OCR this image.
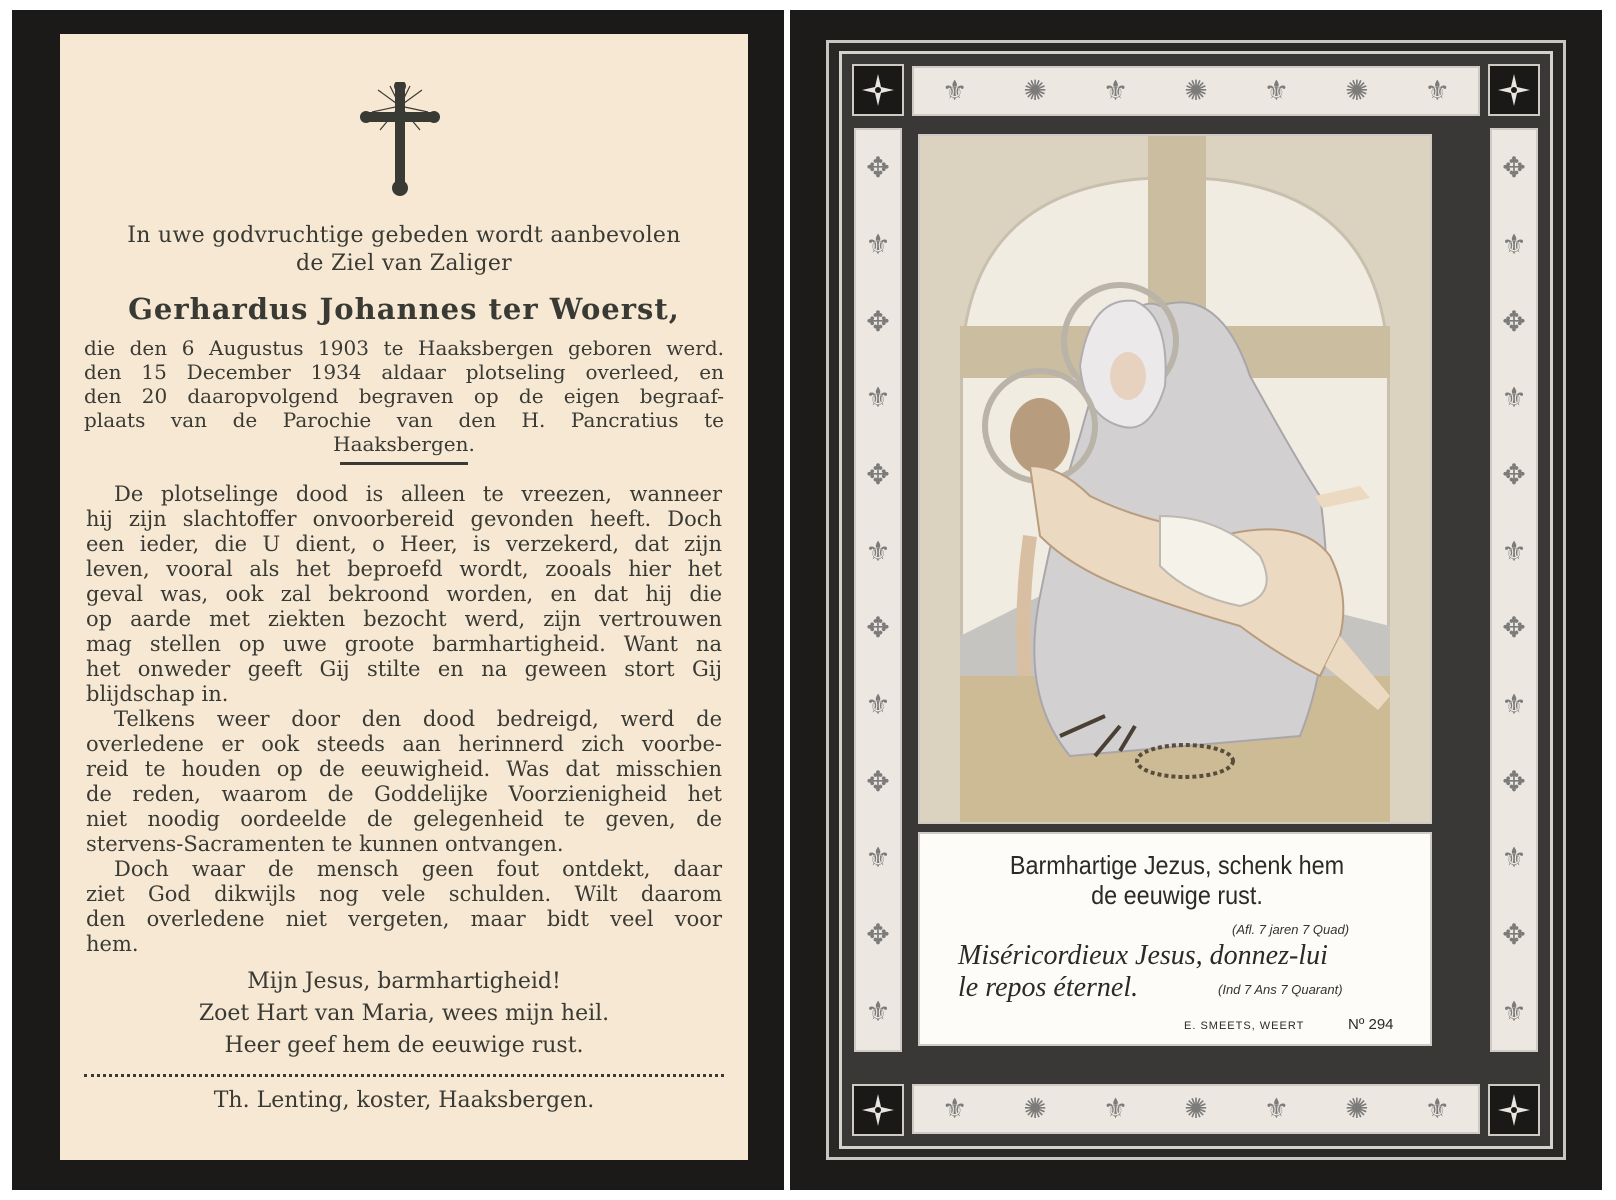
In uwe godvruchtige gebeden wordt aanbevolen

de Ziel van Zaliger

Gerhardus Johannes ter Woerst,

die den 6 Augustus 1903 te Haaksbergen geboren werd.

den 15 December 1934 aldaar plotseling overleed, en

den 20 daaropvolgend begraven op de eigen begraaf-

plaats van de Parochie van den H. Pancratius te

Haaksbergen.

De plotselinge dood is alleen te vreezen, wanneer

hij zijn slachtoffer onvoorbereid gevonden heeft. Doch

een ieder, die U dient, o Heer, is verzekerd, dat zijn

leven, vooral als het beproefd wordt, zooals hier het

geval was, ook zal bekroond worden, en dat hij die

op aarde met ziekten bezocht werd, zijn vertrouwen

mag stellen op uwe groote barmhartigheid. Want na

het onweder geeft Gij stilte en na geween stort Gij

blijdschap in.

Telkens weer door den dood bedreigd, werd de

overledene er ook steeds aan herinnerd zich voorbe-

reid te houden op de eeuwigheid. Was dat misschien

de reden, waarom de Goddelijke Voorzienigheid het

niet noodig oordeelde de gelegenheid te geven, de

stervens-Sacramenten te kunnen ontvangen.

Doch waar de mensch geen fout ontdekt, daar

ziet God dikwijls nog vele schulden. Wilt daarom

den overledene niet vergeten, maar bidt veel voor

hem.

Mijn Jesus, barmhartigheid!

Zoet Hart van Maria, wees mijn heil.

Heer geef hem de eeuwige rust.

Th. Lenting, koster, Haaksbergen.
⚜ ✺ ⚜ ✺ ⚜ ✺ ⚜
⚜ ✺ ⚜ ✺ ⚜ ✺ ⚜
✥
⚜
✥
⚜
✥
⚜
✥
⚜
✥
⚜
✥
⚜
✥
⚜
✥
⚜
✥
⚜
✥
⚜
✥
⚜
✥
⚜
Barmhartige Jezus, schenk hem
de eeuwige rust.
(Afl. 7 jaren 7 Quad)
Miséricordieux Jesus, donnez-lui
le repos éternel.	(Ind 7 Ans 7 Quarant)
E. SMEETS, WEERT	Nº 294
